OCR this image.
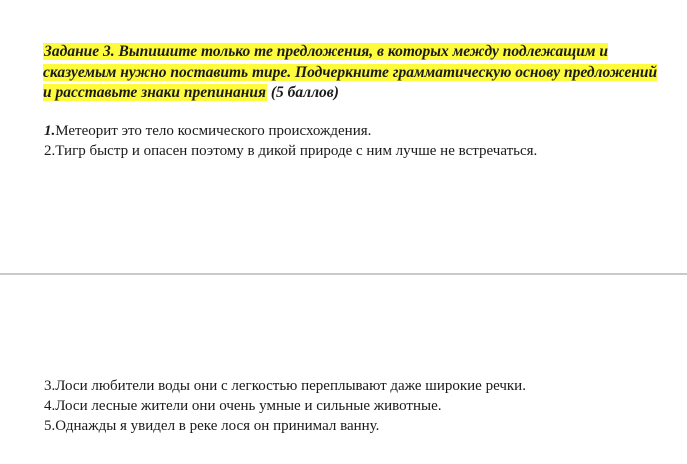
Задание 3. Выпишите только те предложения, в которых между подлежащим и сказуемым нужно поставить тире. Подчеркните грамматическую основу предложений и расставьте знаки препинания (5 баллов)
1.Метеорит это тело космического происхождения.
2.Тигр быстр и опасен поэтому в дикой природе с ним лучше не встречаться.
3.Лоси любители воды они с легкостью переплывают даже широкие речки.
4.Лоси лесные жители они очень умные и сильные животные.
5.Однажды я увидел в реке лося он принимал ванну.
